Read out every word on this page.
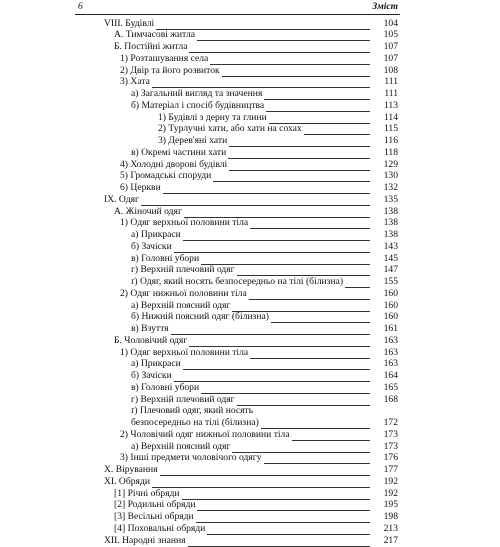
6	Зміст
VIII. Будівлі	104
А. Тимчасові житла	105
Б. Постійні житла	107
1) Розташування села	107
2) Двір та його розвиток	108
3) Хата	111
а) Загальний вигляд та значення	111
б) Матеріал і спосіб будівництва	113
1) Будівлі з дерну та глини	114
2) Турлучні хати, або хати на сохах	115
3) Дерев'яні хати	116
в) Окремі частини хати	118
4) Холодні дворові будівлі	129
5) Громадські споруди	130
6) Церкви	132
IX. Одяг	135
А. Жіночий одяг	138
1) Одяг верхньої половини тіла	138
а) Прикраси	138
б) Зачіски	143
в) Головні убори	145
г) Верхній плечовий одяг	147
ґ) Одяг, який носять безпосередньо на тілі (білизна)	155
2) Одяг нижньої половини тіла	160
а) Верхній поясний одяг	160
б) Нижній поясний одяг (білизна)	160
в) Взуття	161
Б. Чоловічий одяг	163
1) Одяг верхньої половини тіла	163
а) Прикраси	163
б) Зачіски	164
в) Головні убори	165
г) Верхній плечовий одяг	168
ґ) Плечовий одяг, який носять
безпосередньо на тілі (білизна)	172
2) Чоловічий одяг нижньої половини тіла	173
а) Верхній поясний одяг	173
3) Інші предмети чоловічого одягу	176
X. Вірування	177
XI. Обряди	192
[1] Річні обряди	192
[2] Родильні обряди	195
[3] Весільні обряди	198
[4] Поховальні обряди	213
XII. Народні знання	217
